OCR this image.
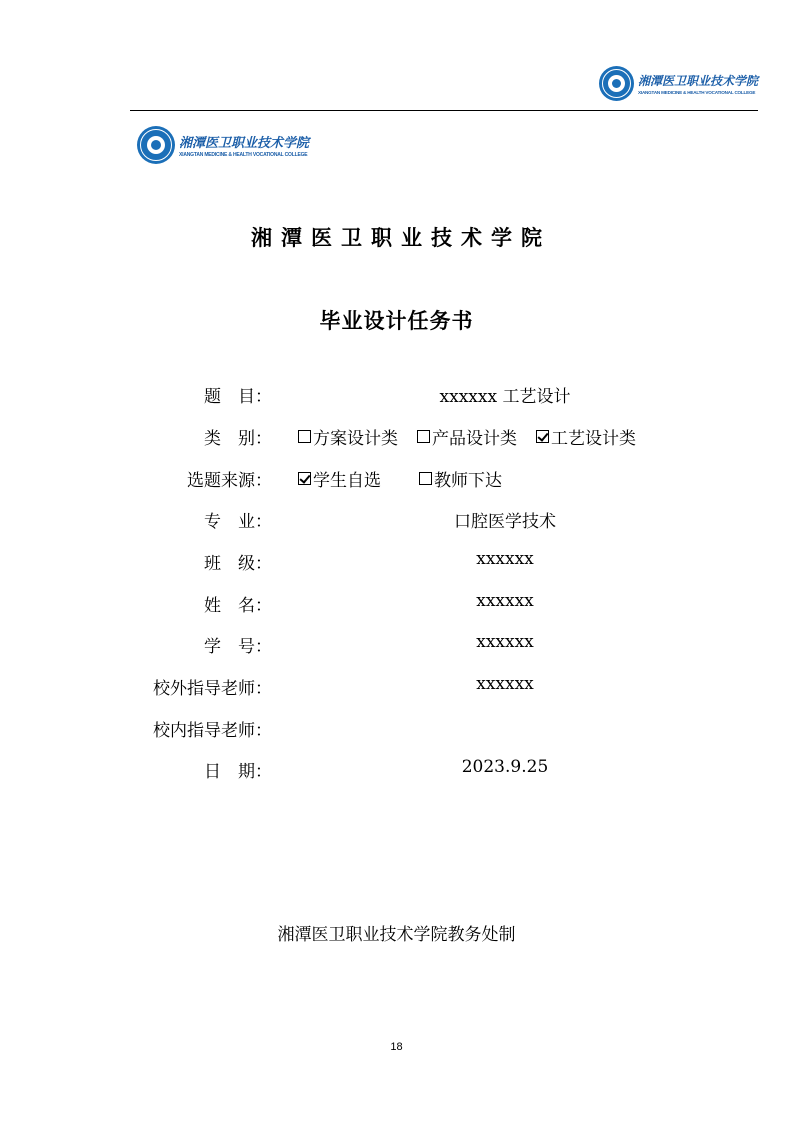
湘潭医卫职业技术学院
XIANGTAN MEDICINE & HEALTH VOCATIONAL COLLEGE
湘潭医卫职业技术学院
XIANGTAN MEDICINE & HEALTH VOCATIONAL COLLEGE
湘潭医卫职业技术学院
毕业设计任务书
题　目：	xxxxxx 工艺设计
类　别： 方案设计类 产品设计类 工艺设计类
选题来源： 学生自选	教师下达
专　业：	口腔医学技术
班　级：	xxxxxx
姓　名：	xxxxxx
学　号：	xxxxxx
校外指导老师：	xxxxxx
校内指导老师：
日　期：	2023.9.25
湘潭医卫职业技术学院教务处制
18
